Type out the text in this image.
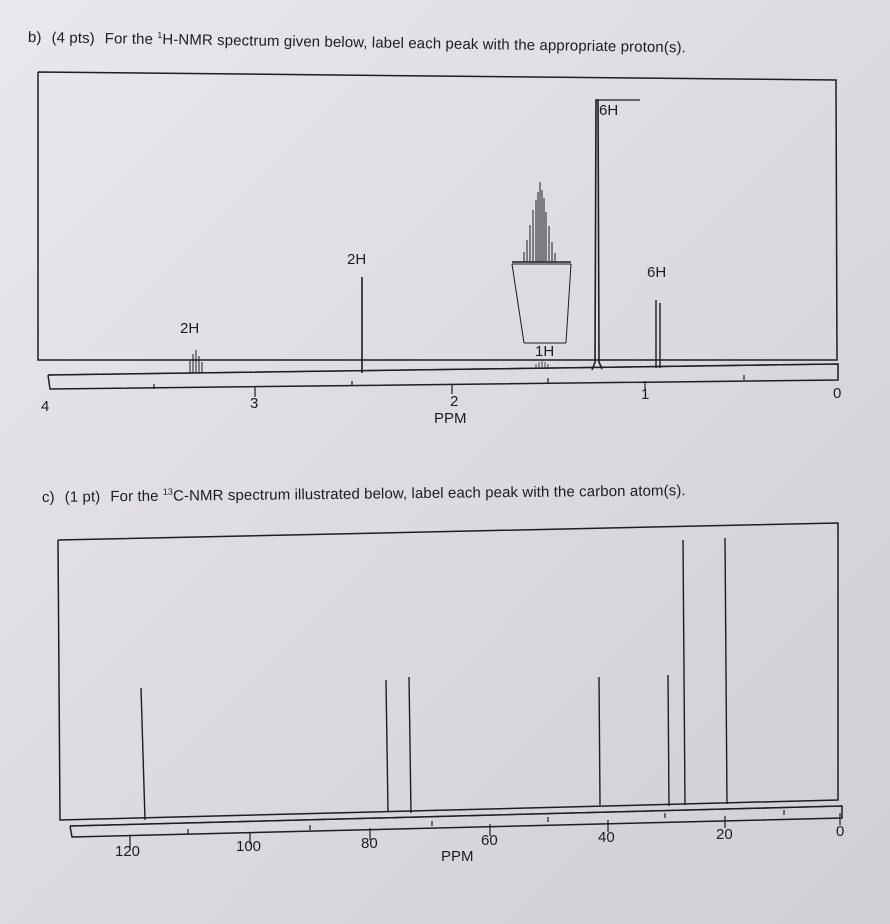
b) (4 pts) For the $^1$H-NMR spectrum given below, label each peak with the appropriate proton(s).
c) (1 pt) For the $^{13}$C-NMR spectrum illustrated below, label each peak with the carbon atom(s).
2H
2H
1H
6H
6H
4	3	2	1	0
PPM
120	100	80	60	40	20	0
PPM
